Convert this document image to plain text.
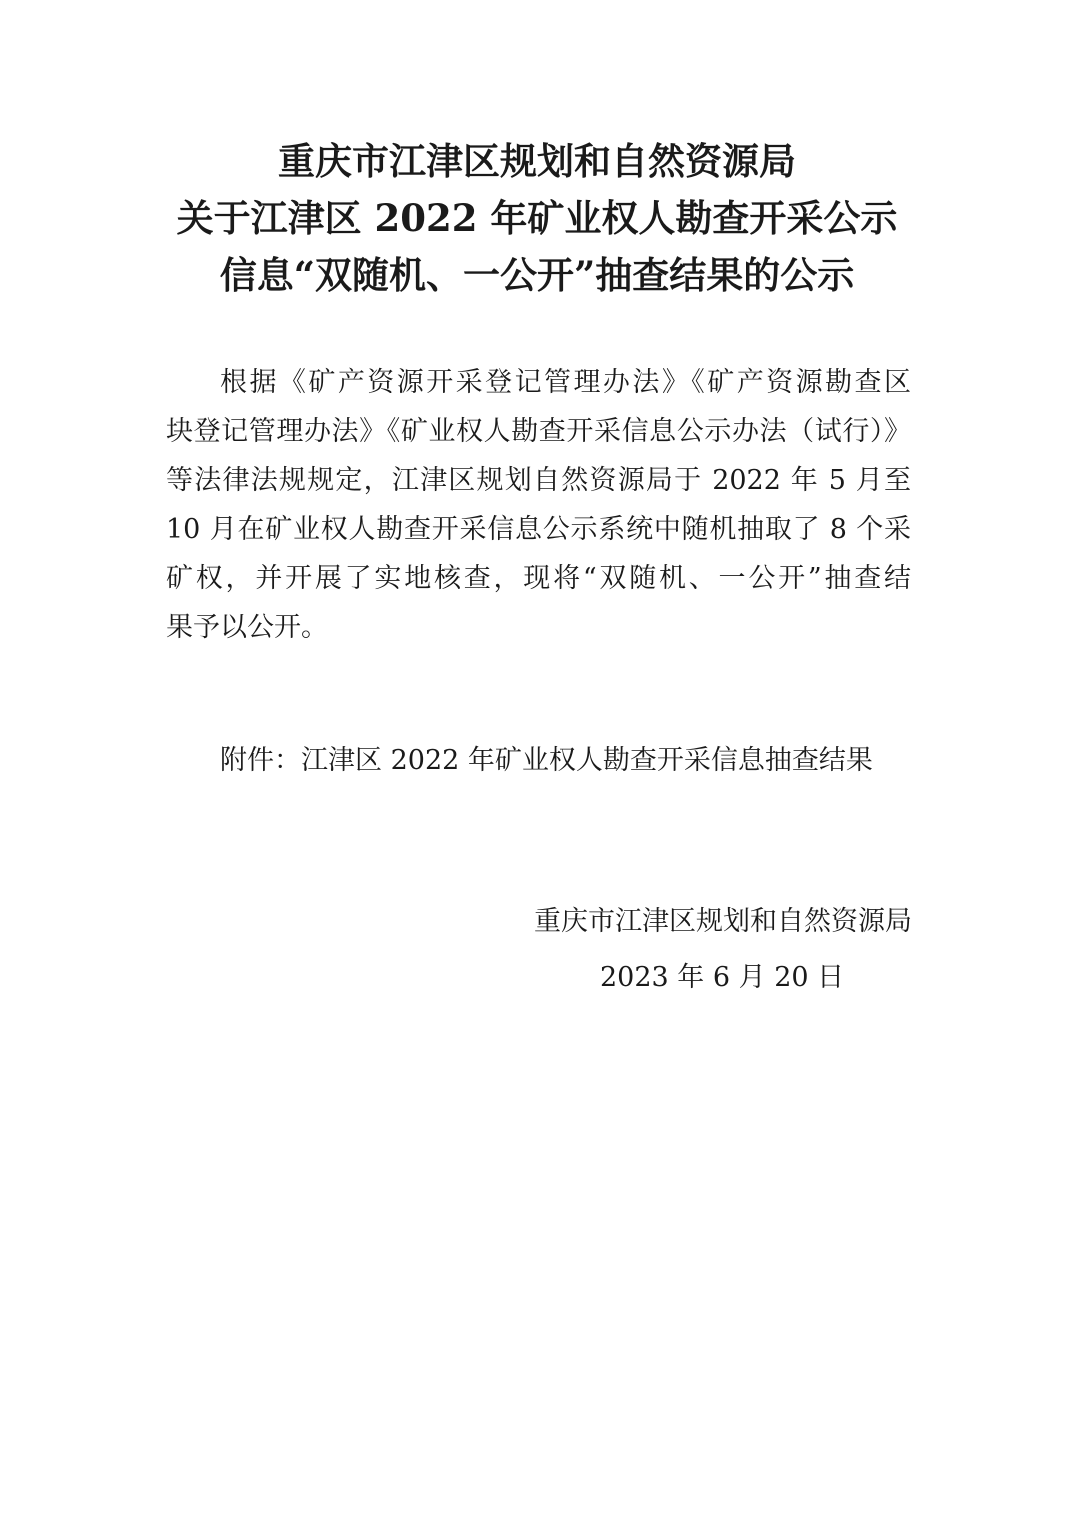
重庆市江津区规划和自然资源局
关于江津区 2022 年矿业权人勘查开采公示
信息“双随机、一公开”抽查结果的公示
根据《矿产资源开采登记管理办法》《矿产资源勘查区
块登记管理办法》《矿业权人勘查开采信息公示办法（试行）》
等法律法规规定，江津区规划自然资源局于 2022 年 5 月至
10 月在矿业权人勘查开采信息公示系统中随机抽取了 8 个采
矿权，并开展了实地核查，现将“双随机、一公开”抽查结
果予以公开。
附件：江津区 2022 年矿业权人勘查开采信息抽查结果
重庆市江津区规划和自然资源局
2023 年 6 月 20 日
